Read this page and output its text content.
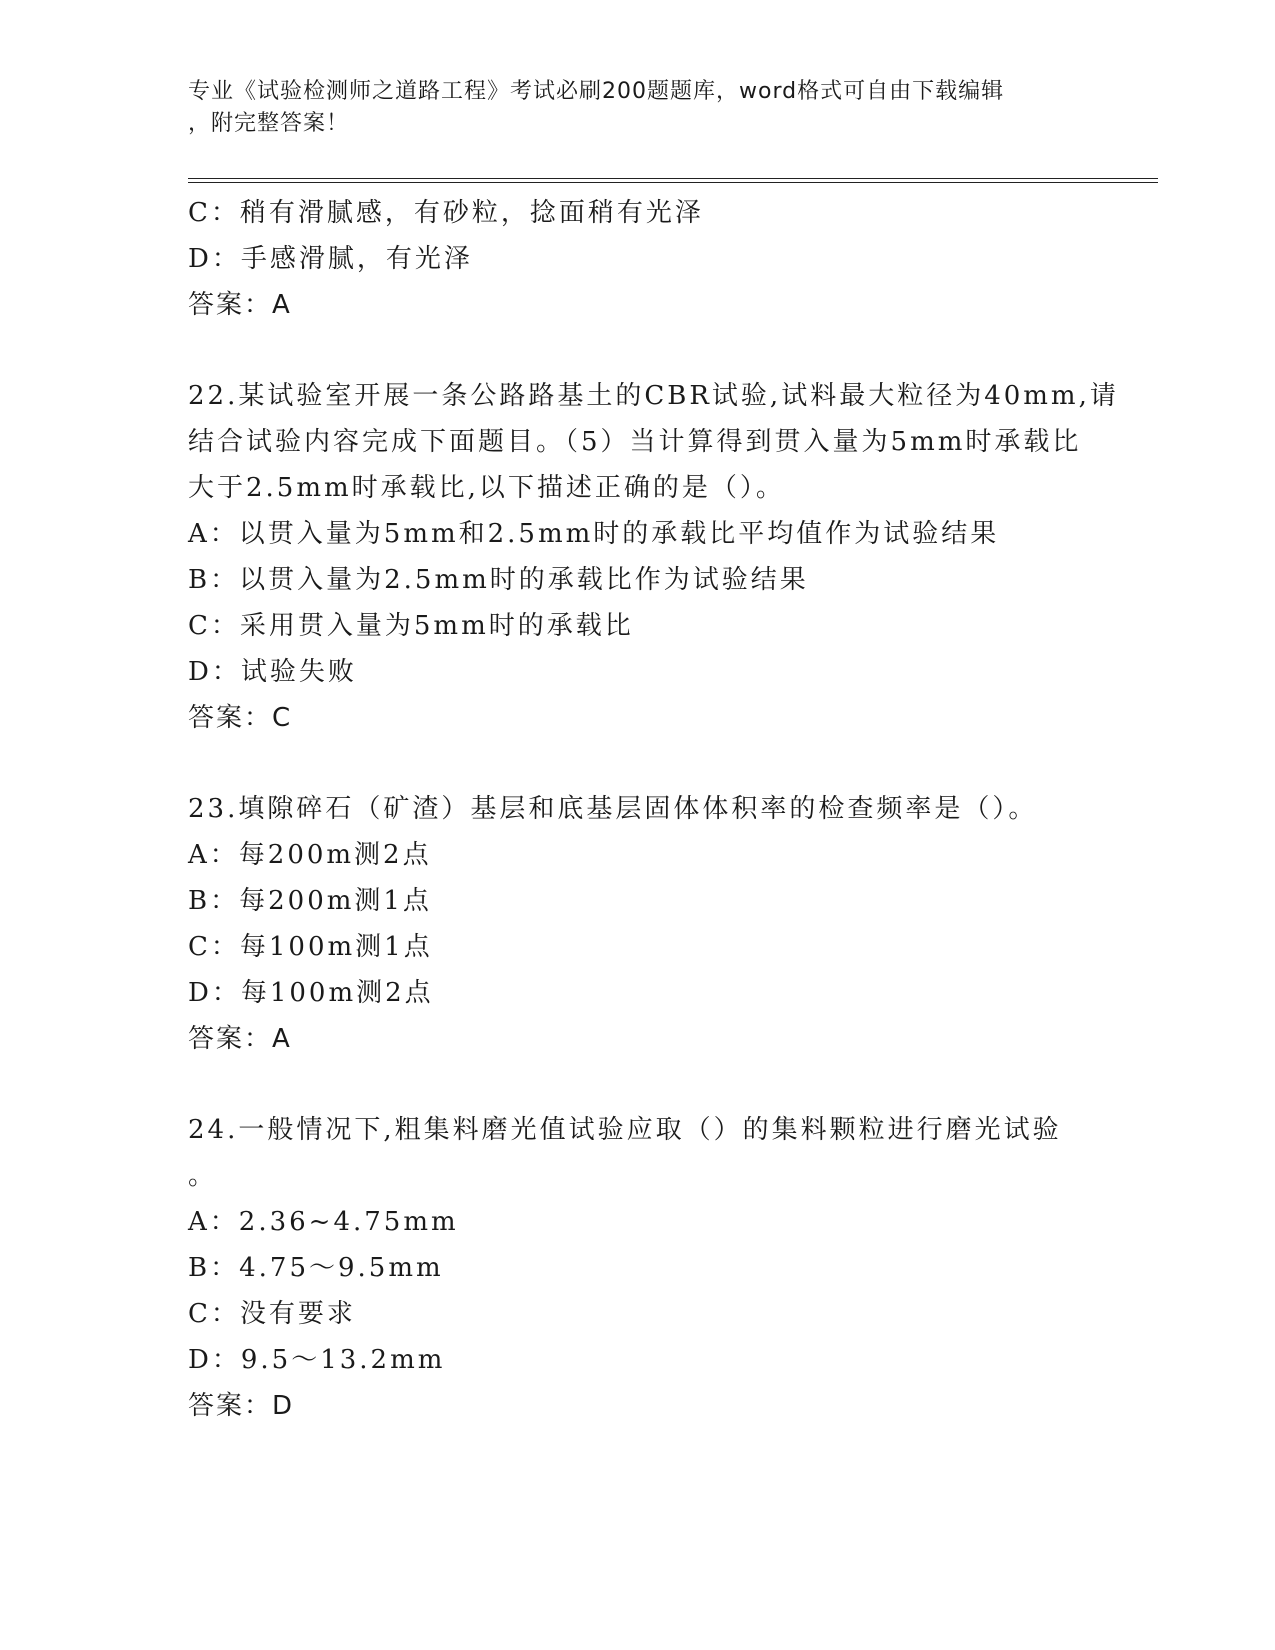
专业《试验检测师之道路工程》考试必刷200题题库，word格式可自由下载编辑
，附完整答案！
C：稍有滑腻感，有砂粒，捻面稍有光泽
D：手感滑腻，有光泽
答案：A
22.某试验室开展一条公路路基土的CBR试验,试料最大粒径为40mm,请
结合试验内容完成下面题目。（5）当计算得到贯入量为5mm时承载比
大于2.5mm时承载比,以下描述正确的是（）。
A：以贯入量为5mm和2.5mm时的承载比平均值作为试验结果
B：以贯入量为2.5mm时的承载比作为试验结果
C：采用贯入量为5mm时的承载比
D：试验失败
答案：C
23.填隙碎石（矿渣）基层和底基层固体体积率的检查频率是（）。
A：每200m测2点
B：每200m测1点
C：每100m测1点
D：每100m测2点
答案：A
24.一般情况下,粗集料磨光值试验应取（）的集料颗粒进行磨光试验
。
A：2.36~4.75mm
B：4.75～9.5mm
C：没有要求
D：9.5～13.2mm
答案：D
